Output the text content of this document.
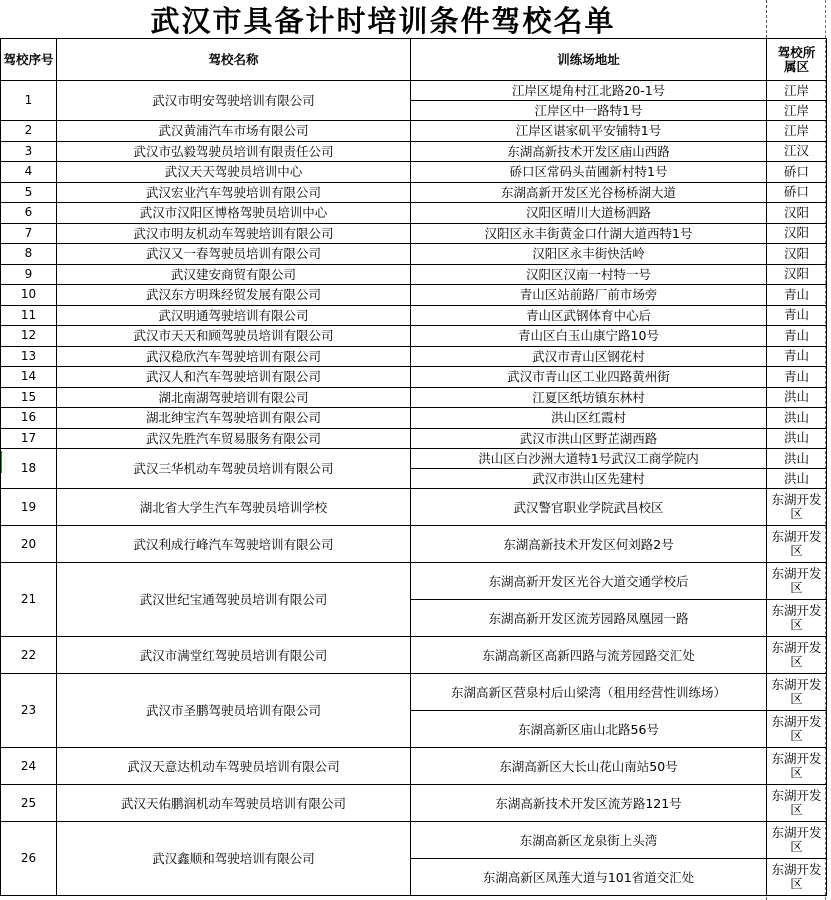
武汉市具备计时培训条件驾校名单
驾校序号	驾校名称	训练场地址	驾校所属区
1	武汉市明安驾驶培训有限公司	江岸区堤角村江北路20-1号	江岸
		江岸区中一路特1号	江岸
2	武汉黄浦汽车市场有限公司	江岸区谌家矶平安铺特1号	江岸
3	武汉市弘毅驾驶员培训有限责任公司	东湖高新技术开发区庙山西路	江汉
4	武汉天天驾驶员培训中心	硚口区常码头苗圃新村特1号	硚口
5	武汉宏业汽车驾驶培训有限公司	东湖高新开发区光谷杨桥湖大道	硚口
6	武汉市汉阳区博格驾驶员培训中心	汉阳区晴川大道杨泗路	汉阳
7	武汉市明友机动车驾驶培训有限公司	汉阳区永丰街黄金口什湖大道西特1号	汉阳
8	武汉又一春驾驶员培训有限公司	汉阳区永丰街快活岭	汉阳
9	武汉建安商贸有限公司	汉阳区汉南一村特一号	汉阳
10	武汉东方明珠经贸发展有限公司	青山区站前路厂前市场旁	青山
11	武汉明通驾驶培训有限公司	青山区武钢体育中心后	青山
12	武汉市天天和顾驾驶员培训有限公司	青山区白玉山康宁路10号	青山
13	武汉稳欣汽车驾驶培训有限公司	武汉市青山区钢花村	青山
14	武汉人和汽车驾驶培训有限公司	武汉市青山区工业四路黄州街	青山
15	湖北南湖驾驶培训有限公司	江夏区纸坊镇东林村	洪山
16	湖北绅宝汽车驾驶培训有限公司	洪山区红霞村	洪山
17	武汉先胜汽车贸易服务有限公司	武汉市洪山区野芷湖西路	洪山
18	武汉三华机动车驾驶员培训有限公司	洪山区白沙洲大道特1号武汉工商学院内	洪山
		武汉市洪山区先建村	洪山
19	湖北省大学生汽车驾驶员培训学校	武汉警官职业学院武昌校区	东湖开发区
20	武汉利成行峰汽车驾驶培训有限公司	东湖高新技术开发区何刘路2号	东湖开发区
21	武汉世纪宝通驾驶员培训有限公司	东湖高新开发区光谷大道交通学校后	东湖开发区
		东湖高新开发区流芳园路凤凰园一路	东湖开发区
22	武汉市满堂红驾驶员培训有限公司	东湖高新区高新四路与流芳园路交汇处	东湖开发区
23	武汉市圣鹏驾驶员培训有限公司	东湖高新区营泉村后山梁湾（租用经营性训练场）	东湖开发区
		东湖高新区庙山北路56号	东湖开发区
24	武汉天意达机动车驾驶员培训有限公司	东湖高新区大长山花山南站50号	东湖开发区
25	武汉天佑鹏润机动车驾驶员培训有限公司	东湖高新技术开发区流芳路121号	东湖开发区
26	武汉鑫顺和驾驶培训有限公司	东湖高新区龙泉街上头湾	东湖开发区
		东湖高新区凤莲大道与101省道交汇处	东湖开发区
